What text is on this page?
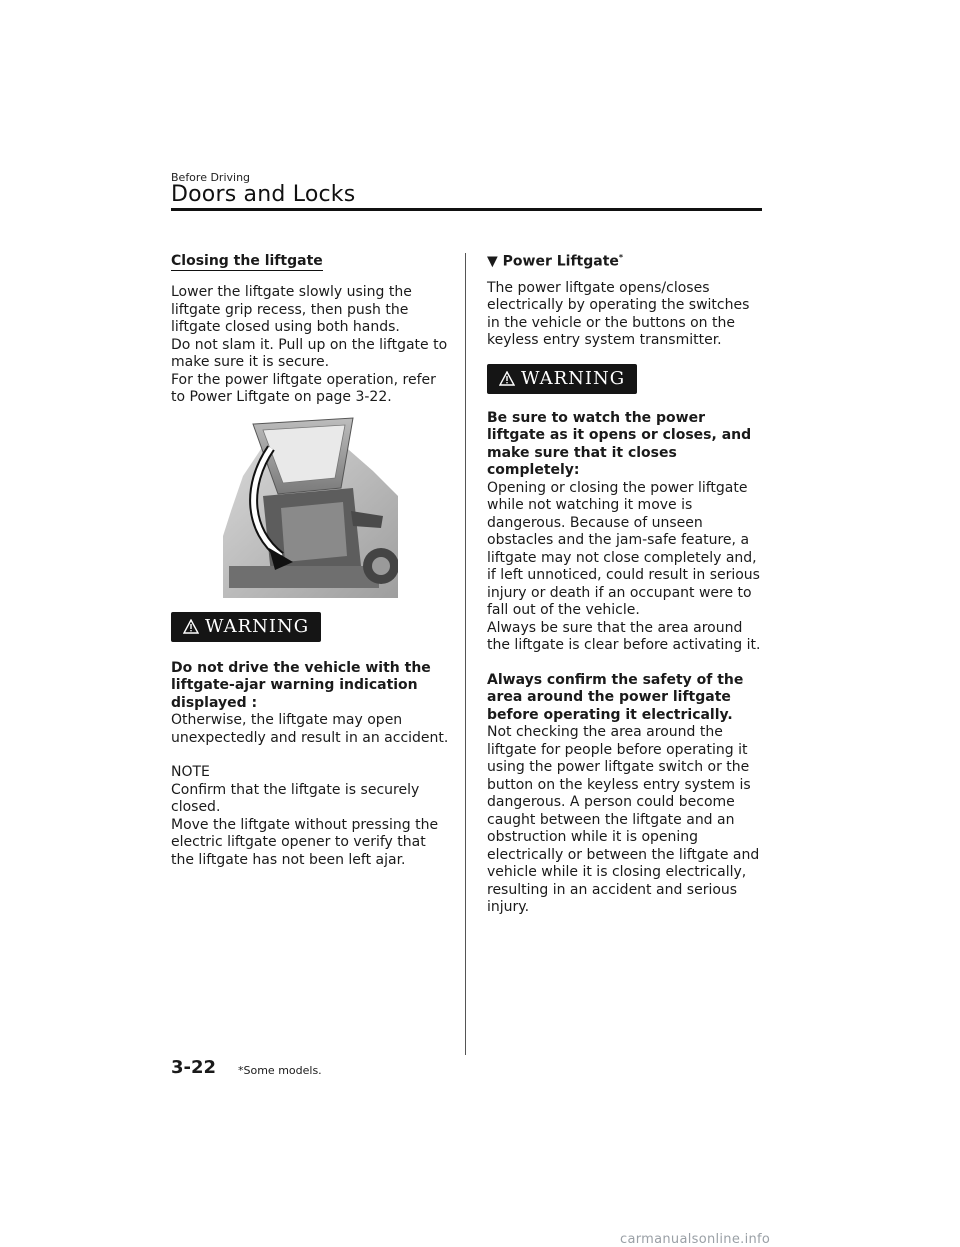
Before Driving
Doors and Locks
Closing the liftgate

Lower the liftgate slowly using the liftgate grip recess, then push the liftgate closed using both hands.

Do not slam it. Pull up on the liftgate to make sure it is secure.

For the power liftgate operation, refer to Power Liftgate on page 3-22.

WARNING

Do not drive the vehicle with the liftgate-ajar warning indication displayed :

Otherwise, the liftgate may open unexpectedly and result in an accident.

NOTE

Confirm that the liftgate is securely closed.

Move the liftgate without pressing the electric liftgate opener to verify that the liftgate has not been left ajar.

▼ Power Liftgate*

The power liftgate opens/closes electrically by operating the switches in the vehicle or the buttons on the keyless entry system transmitter.

WARNING

Be sure to watch the power liftgate as it opens or closes, and make sure that it closes completely:

Opening or closing the power liftgate while not watching it move is dangerous. Because of unseen obstacles and the jam-safe feature, a liftgate may not close completely and, if left unnoticed, could result in serious injury or death if an occupant were to fall out of the vehicle.

Always be sure that the area around the liftgate is clear before activating it.

Always confirm the safety of the area around the power liftgate before operating it electrically.

Not checking the area around the liftgate for people before operating it using the power liftgate switch or the button on the keyless entry system is dangerous. A person could become caught between the liftgate and an obstruction while it is opening electrically or between the liftgate and vehicle while it is closing electrically, resulting in an accident and serious injury.

3-22 *Some models.
carmanualsonline.info
